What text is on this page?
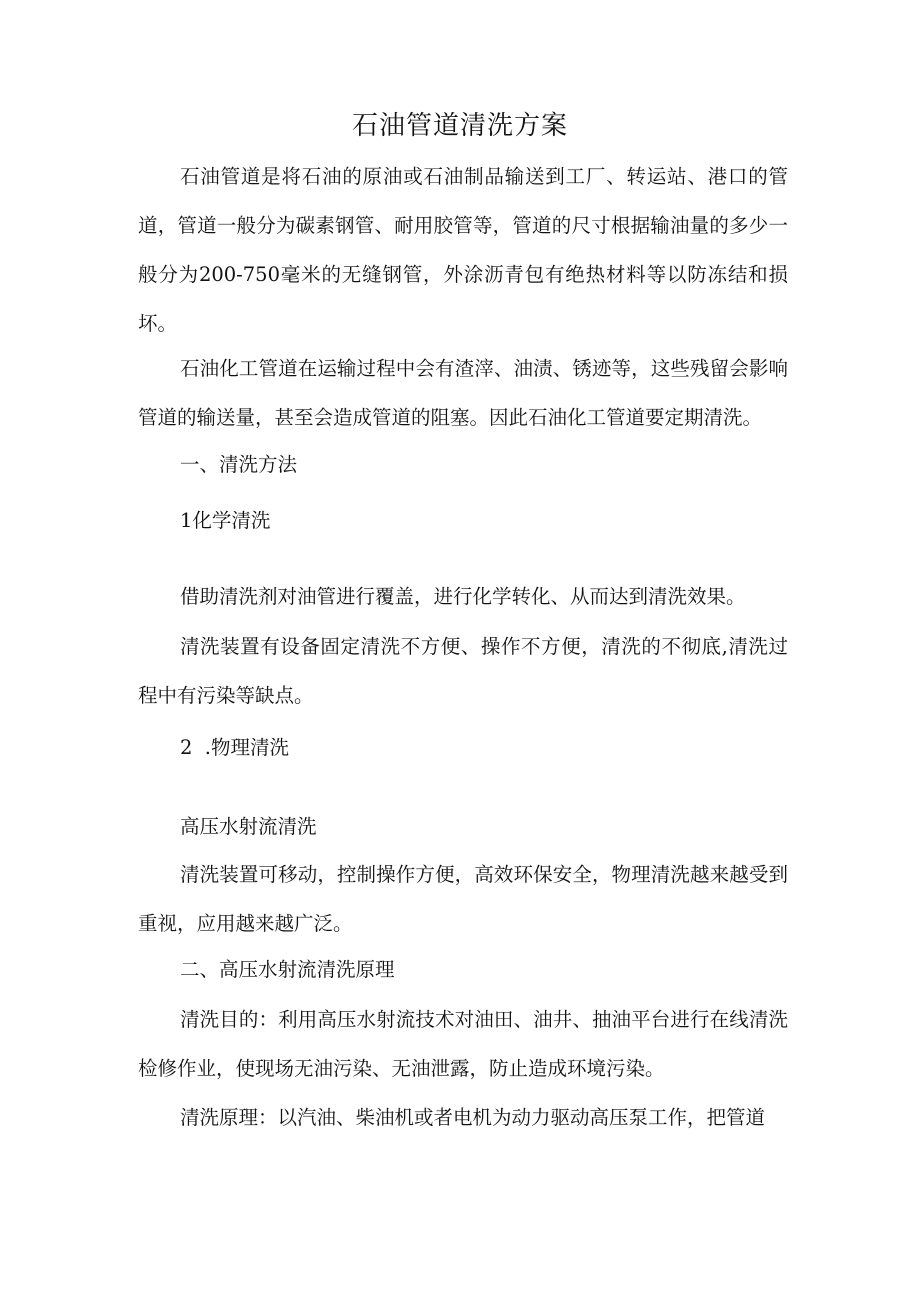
石油管道清洗方案

石油管道是将石油的原油或石油制品输送到工厂、转运站、港口的管道，管道一般分为碳素钢管、耐用胶管等，管道的尺寸根据输油量的多少一般分为200-750毫米的无缝钢管，外涂沥青包有绝热材料等以防冻结和损坏。

石油化工管道在运输过程中会有渣滓、油渍、锈迹等，这些残留会影响管道的输送量，甚至会造成管道的阻塞。因此石油化工管道要定期清洗。

一、清洗方法

1化学清洗

借助清洗剂对油管进行覆盖，进行化学转化、从而达到清洗效果。

清洗装置有设备固定清洗不方便、操作不方便，清洗的不彻底,清洗过程中有污染等缺点。

2  .物理清洗

高压水射流清洗

清洗装置可移动，控制操作方便，高效环保安全，物理清洗越来越受到重视，应用越来越广泛。

二、高压水射流清洗原理

清洗目的：利用高压水射流技术对油田、油井、抽油平台进行在线清洗检修作业，使现场无油污染、无油泄露，防止造成环境污染。

清洗原理：以汽油、柴油机或者电机为动力驱动高压泵工作，把管道
